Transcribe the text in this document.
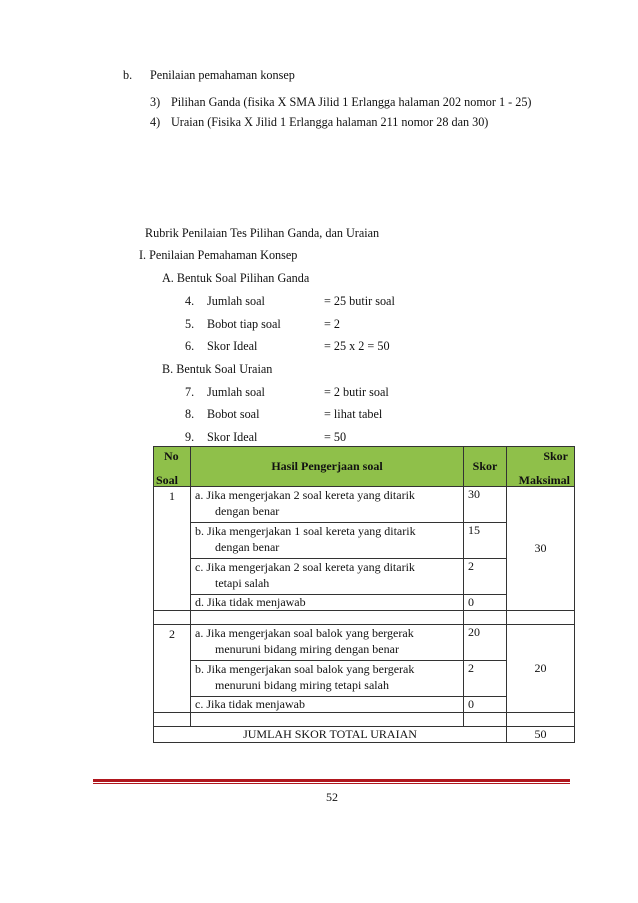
b. Penilaian pemahaman konsep
3) Pilihan Ganda (fisika X SMA Jilid 1 Erlangga halaman 202 nomor 1 - 25)
4) Uraian (Fisika X Jilid 1 Erlangga halaman 211 nomor 28 dan 30)
Rubrik Penilaian Tes Pilihan Ganda, dan Uraian
I. Penilaian Pemahaman Konsep
A. Bentuk Soal Pilihan Ganda
4. Jumlah soal	= 25 butir soal
5. Bobot tiap soal	= 2
6. Skor Ideal	= 25 x 2 = 50
B. Bentuk Soal Uraian
7. Jumlah soal	= 2 butir soal
8. Bobot soal	= lihat tabel
9. Skor Ideal	= 50
No
Soal	Hasil Pengerjaan soal	Skor	Skor
Maksimal

1	a. Jika mengerjakan 2 soal kereta yang ditarik
dengan benar	30	30

	b. Jika mengerjakan 1 soal kereta yang ditarik
dengan benar	15	

	c. Jika mengerjakan 2 soal kereta yang ditarik
tetapi salah	2	
	d. Jika tidak menjawab	0	

2	a. Jika mengerjakan soal balok yang bergerak
menuruni bidang miring dengan benar	20	20

	b. Jika mengerjakan soal balok yang bergerak
menuruni bidang miring tetapi salah	2	
	c. Jika tidak menjawab	0	

JUMLAH SKOR TOTAL URAIAN			50
52
